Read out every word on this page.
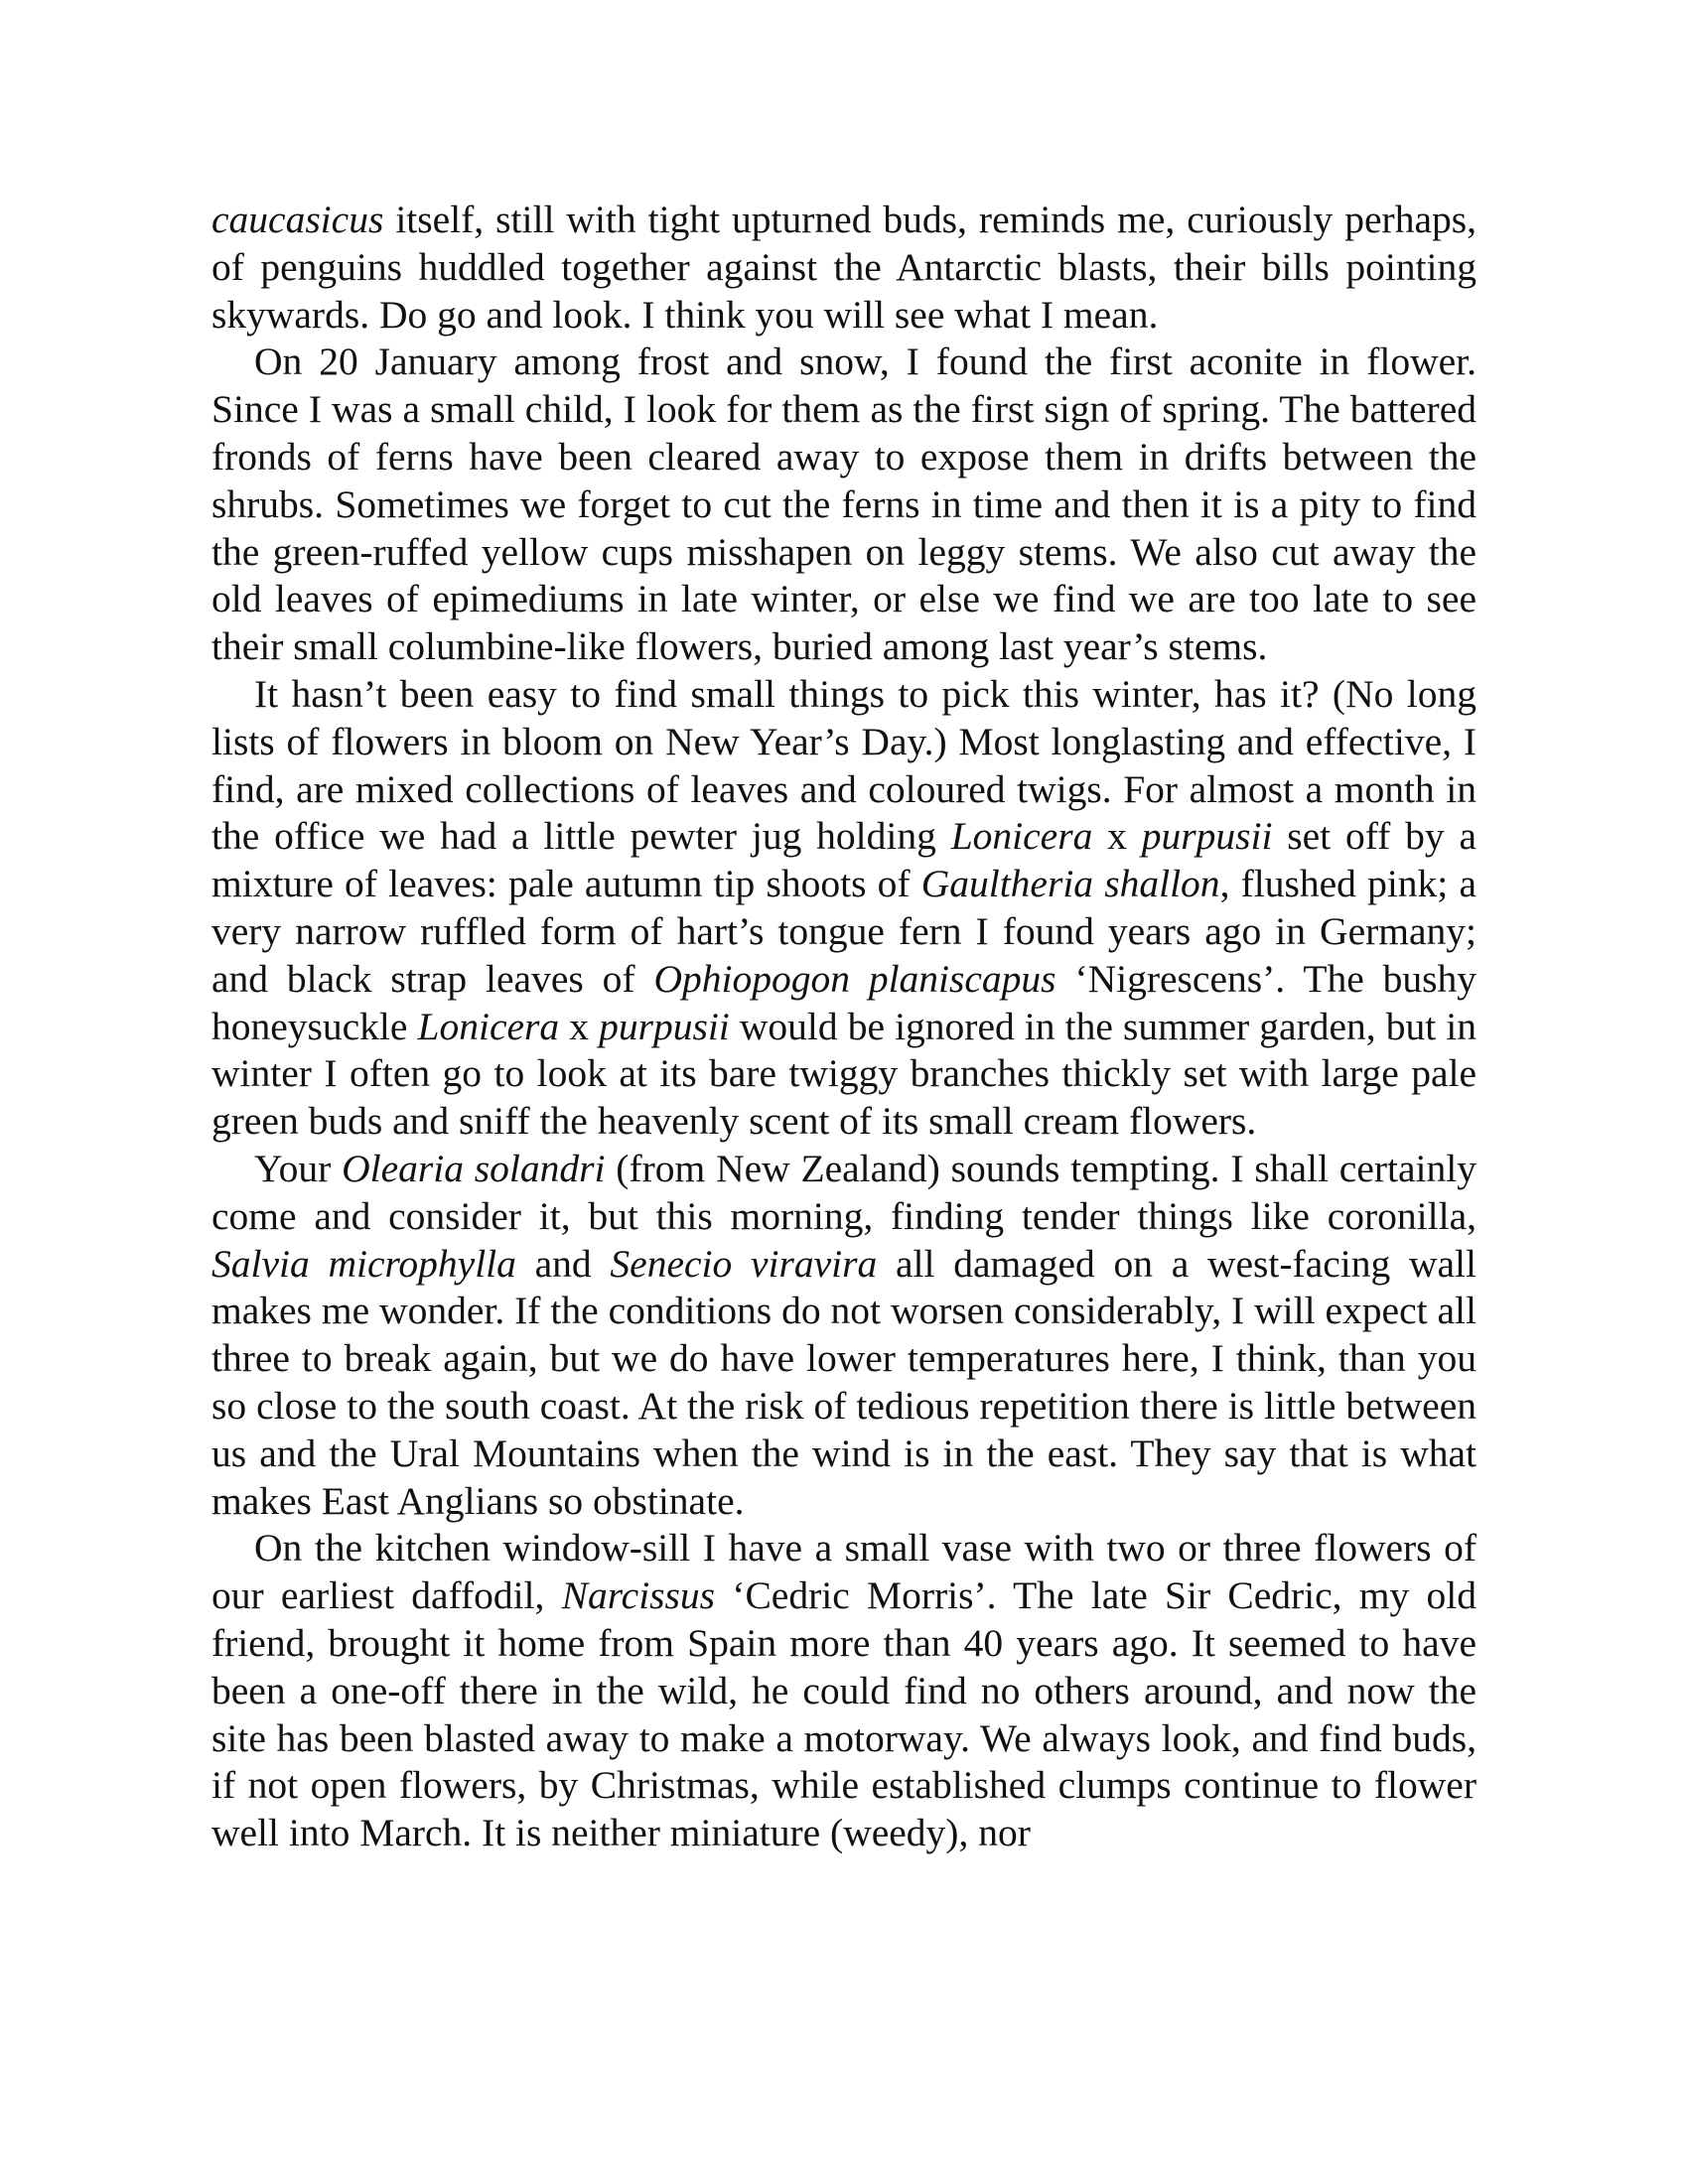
caucasicus itself, still with tight upturned buds, reminds me, curiously perhaps, of penguins huddled together against the Antarctic blasts, their bills pointing skywards. Do go and look. I think you will see what I mean.

On 20 January among frost and snow, I found the first aconite in flower. Since I was a small child, I look for them as the first sign of spring. The battered fronds of ferns have been cleared away to expose them in drifts between the shrubs. Sometimes we forget to cut the ferns in time and then it is a pity to find the green-ruffed yellow cups misshapen on leggy stems. We also cut away the old leaves of epimediums in late winter, or else we find we are too late to see their small columbine-like flowers, buried among last year’s stems.

It hasn’t been easy to find small things to pick this winter, has it? (No long lists of flowers in bloom on New Year’s Day.) Most longlasting and effective, I find, are mixed collections of leaves and coloured twigs. For almost a month in the office we had a little pewter jug holding Lonicera x purpusii set off by a mixture of leaves: pale autumn tip shoots of Gaultheria shallon, flushed pink; a very narrow ruffled form of hart’s tongue fern I found years ago in Germany; and black strap leaves of Ophiopogon planiscapus ‘Nigrescens’. The bushy honeysuckle Lonicera x purpusii would be ignored in the summer garden, but in winter I often go to look at its bare twiggy branches thickly set with large pale green buds and sniff the heavenly scent of its small cream flowers.

Your Olearia solandri (from New Zealand) sounds tempting. I shall certainly come and consider it, but this morning, finding tender things like coronilla, Salvia microphylla and Senecio viravira all damaged on a west-facing wall makes me wonder. If the conditions do not worsen considerably, I will expect all three to break again, but we do have lower temperatures here, I think, than you so close to the south coast. At the risk of tedious repetition there is little between us and the Ural Mountains when the wind is in the east. They say that is what makes East Anglians so obstinate.

On the kitchen window-sill I have a small vase with two or three flowers of our earliest daffodil, Narcissus ‘Cedric Morris’. The late Sir Cedric, my old friend, brought it home from Spain more than 40 years ago. It seemed to have been a one-off there in the wild, he could find no others around, and now the site has been blasted away to make a motorway. We always look, and find buds, if not open flowers, by Christmas, while established clumps continue to flower well into March. It is neither miniature (weedy), nor
